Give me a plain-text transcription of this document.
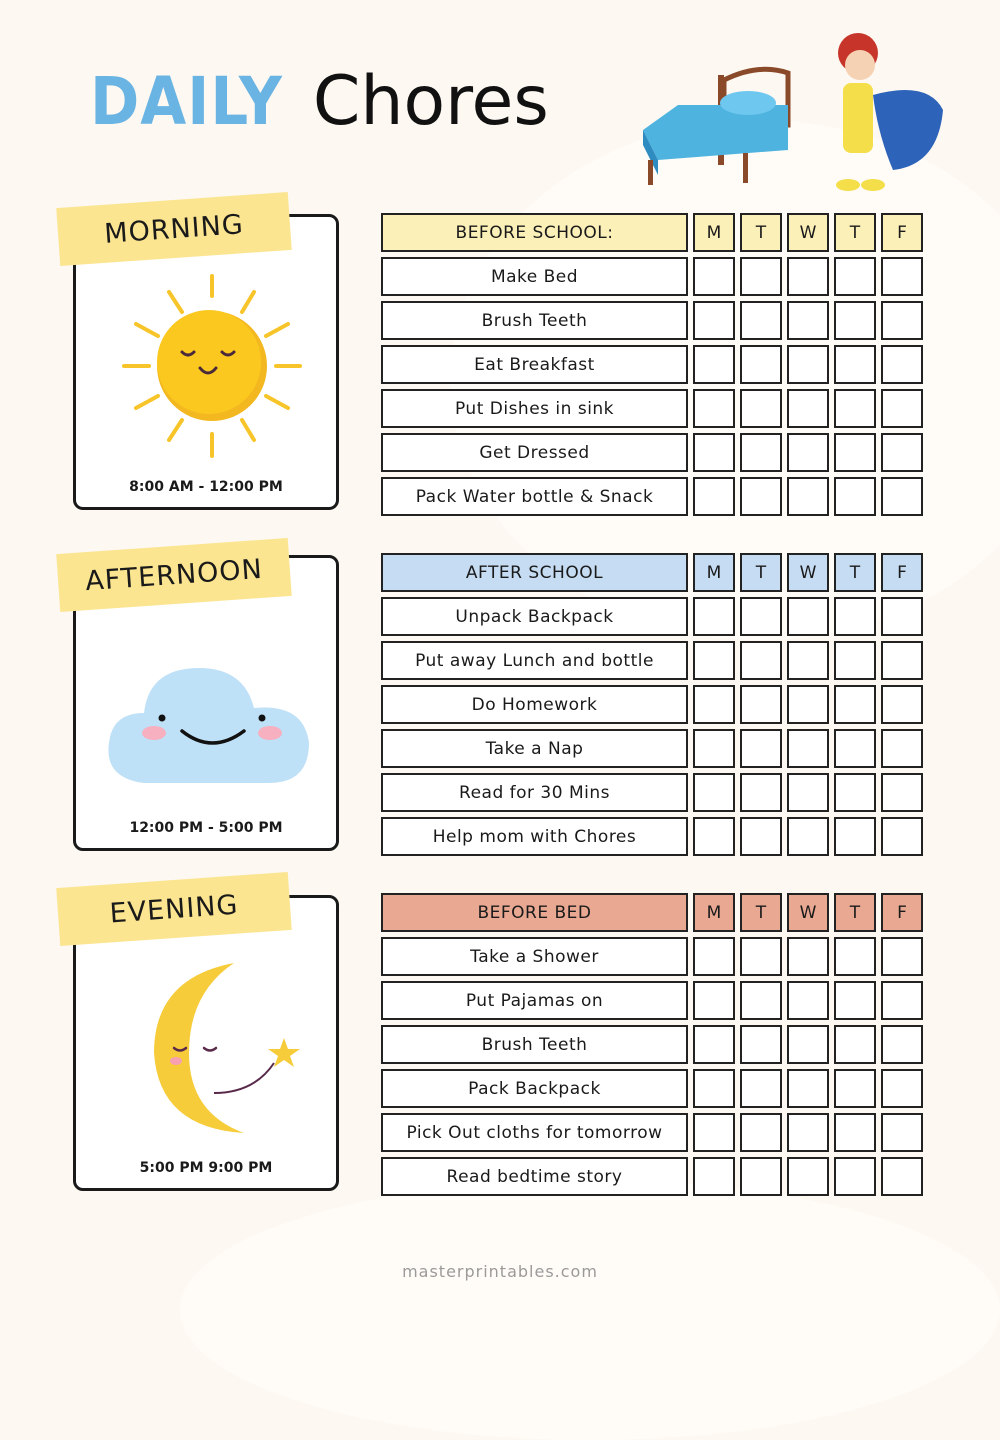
DAILY Chores
8:00 AM - 12:00 PM
MORNING	BEFORE SCHOOL:	M	T	W	T	F
Make Bed
Brush Teeth
Eat Breakfast
Put Dishes in sink
Get Dressed
Pack Water bottle & Snack
12:00 PM - 5:00 PM
AFTERNOON	AFTER SCHOOL	M	T	W	T	F
Unpack Backpack
Put away Lunch and bottle
Do Homework
Take a Nap
Read for 30 Mins
Help mom with Chores
5:00 PM 9:00 PM
EVENING	BEFORE BED	M	T	W	T	F
Take a Shower
Put Pajamas on
Brush Teeth
Pack Backpack
Pick Out cloths for tomorrow
Read bedtime story
masterprintables.com
